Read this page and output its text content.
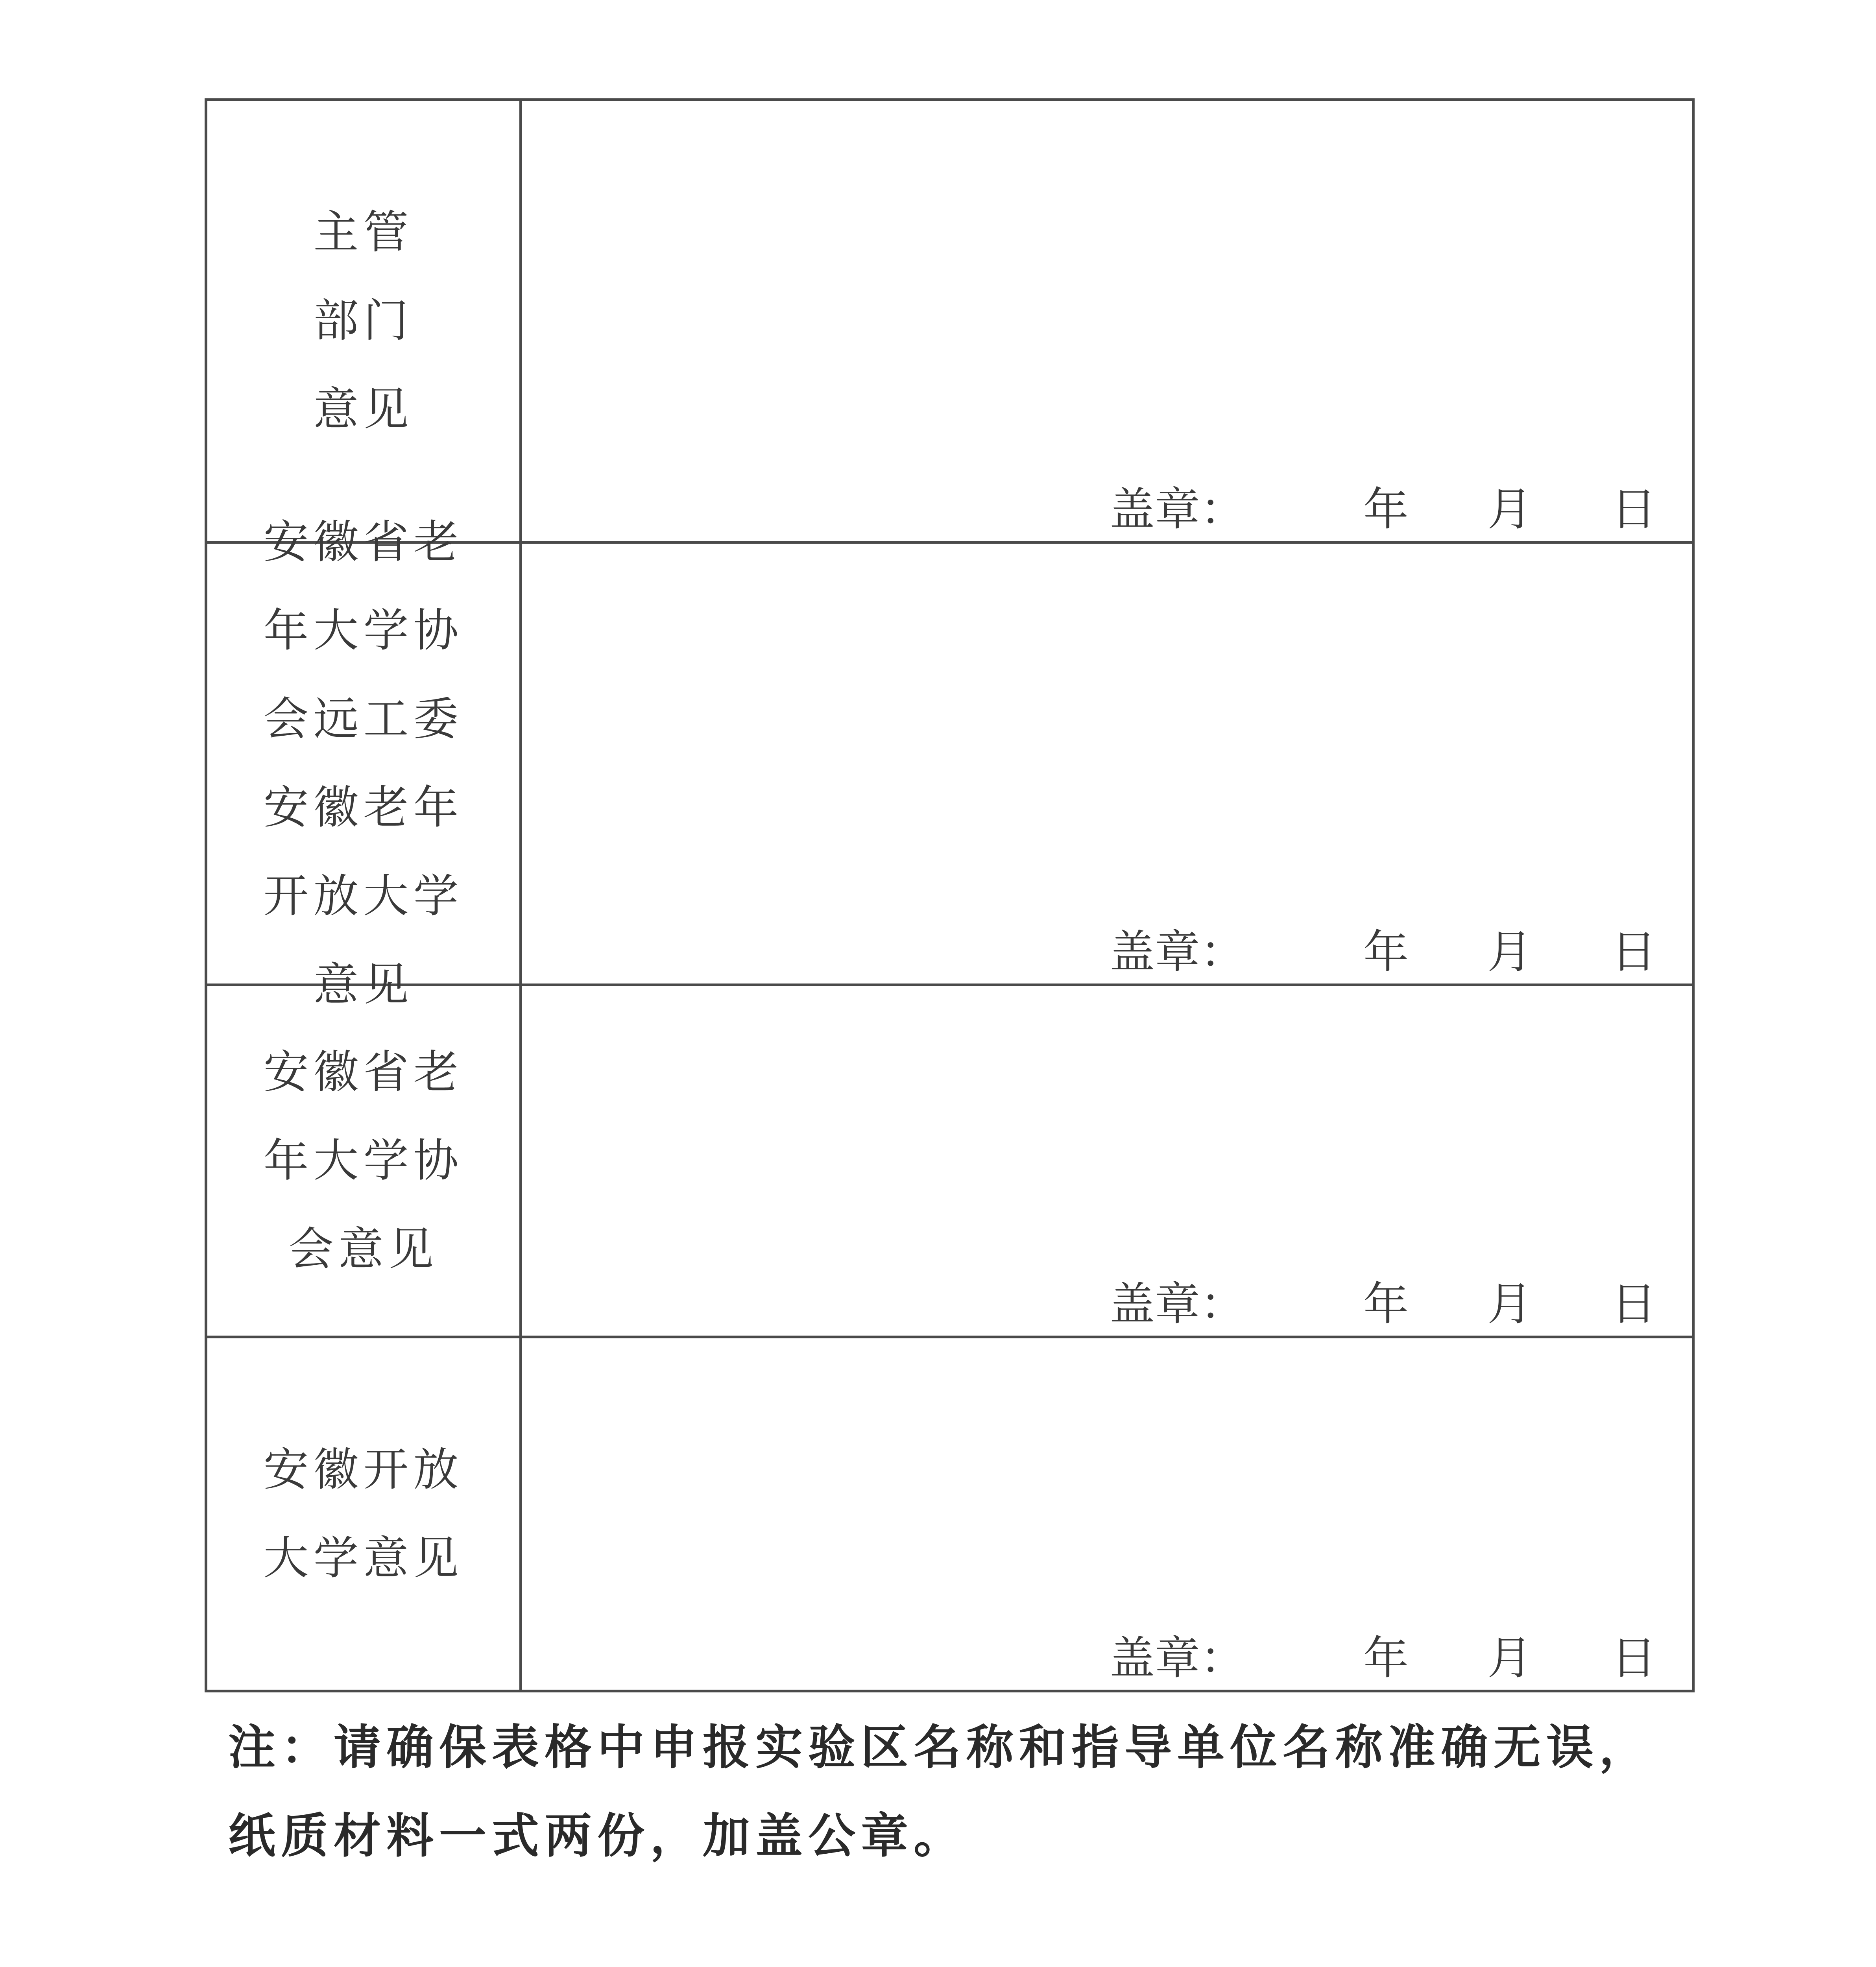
主管部门意见	盖章： 年 月 日

安徽省老年大学协会远工委安徽老年开放大学意见	盖章： 年 月 日

安徽省老年大学协会意见	盖章： 年 月 日

安徽开放大学意见	盖章： 年 月 日
注：请确保表格中申报实验区名称和指导单位名称准确无误，纸质材料一式两份，加盖公章。
